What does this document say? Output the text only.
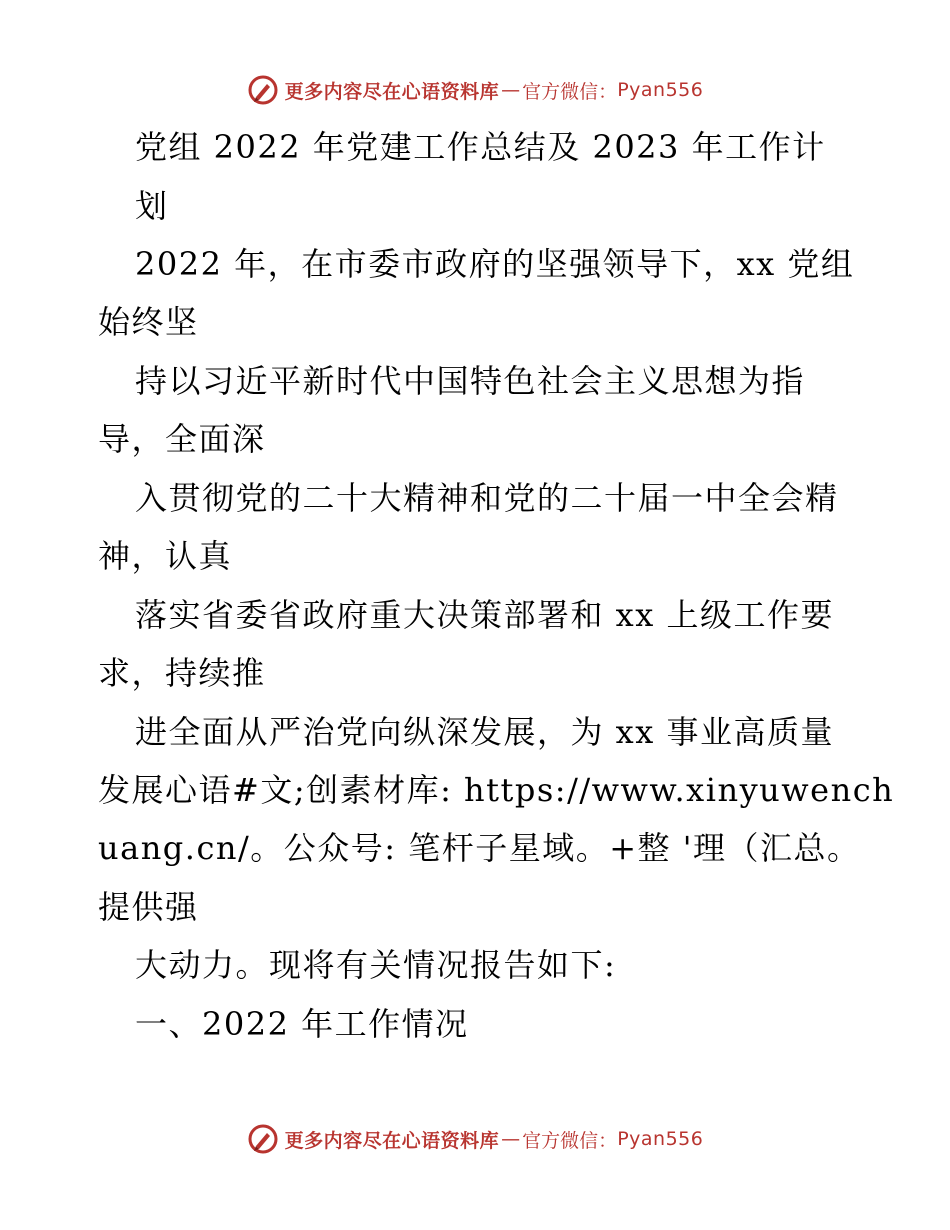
更多内容尽在心语资料库 — 官方微信： Pyan556
党组 2022 年党建工作总结及 2023 年工作计
划
2022 年，在市委市政府的坚强领导下，xx 党组
始终坚
持以习近平新时代中国特色社会主义思想为指
导，全面深
入贯彻党的二十大精神和党的二十届一中全会精
神，认真
落实省委省政府重大决策部署和 xx 上级工作要
求，持续推
进全面从严治党向纵深发展，为 xx 事业高质量
发展心语#文;创素材库: https://www.xinyuwench
uang.cn/。公众号: 笔杆子星域。+整 '理（汇总。
提供强
大动力。现将有关情况报告如下:
一、2022 年工作情况
更多内容尽在心语资料库 — 官方微信： Pyan556
